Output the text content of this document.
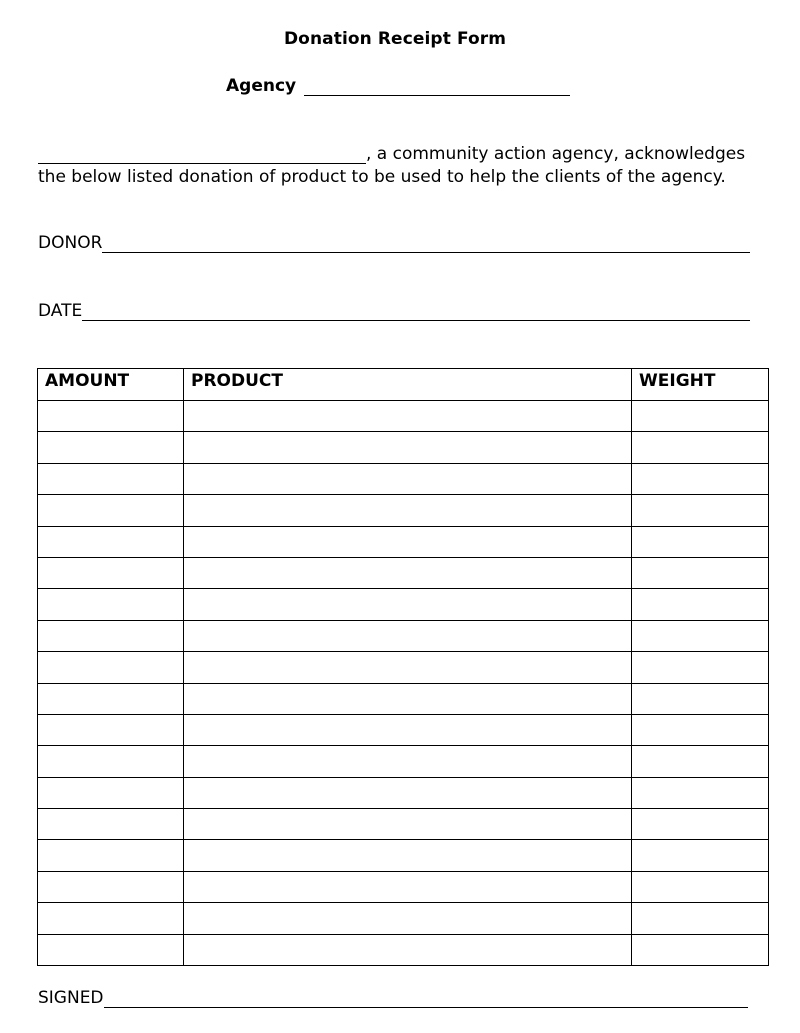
Donation Receipt Form
Agency
, a community action agency, acknowledges
the below listed donation of product to be used to help the clients of the agency.
DONOR
DATE
AMOUNT	PRODUCT	WEIGHT

SIGNED
